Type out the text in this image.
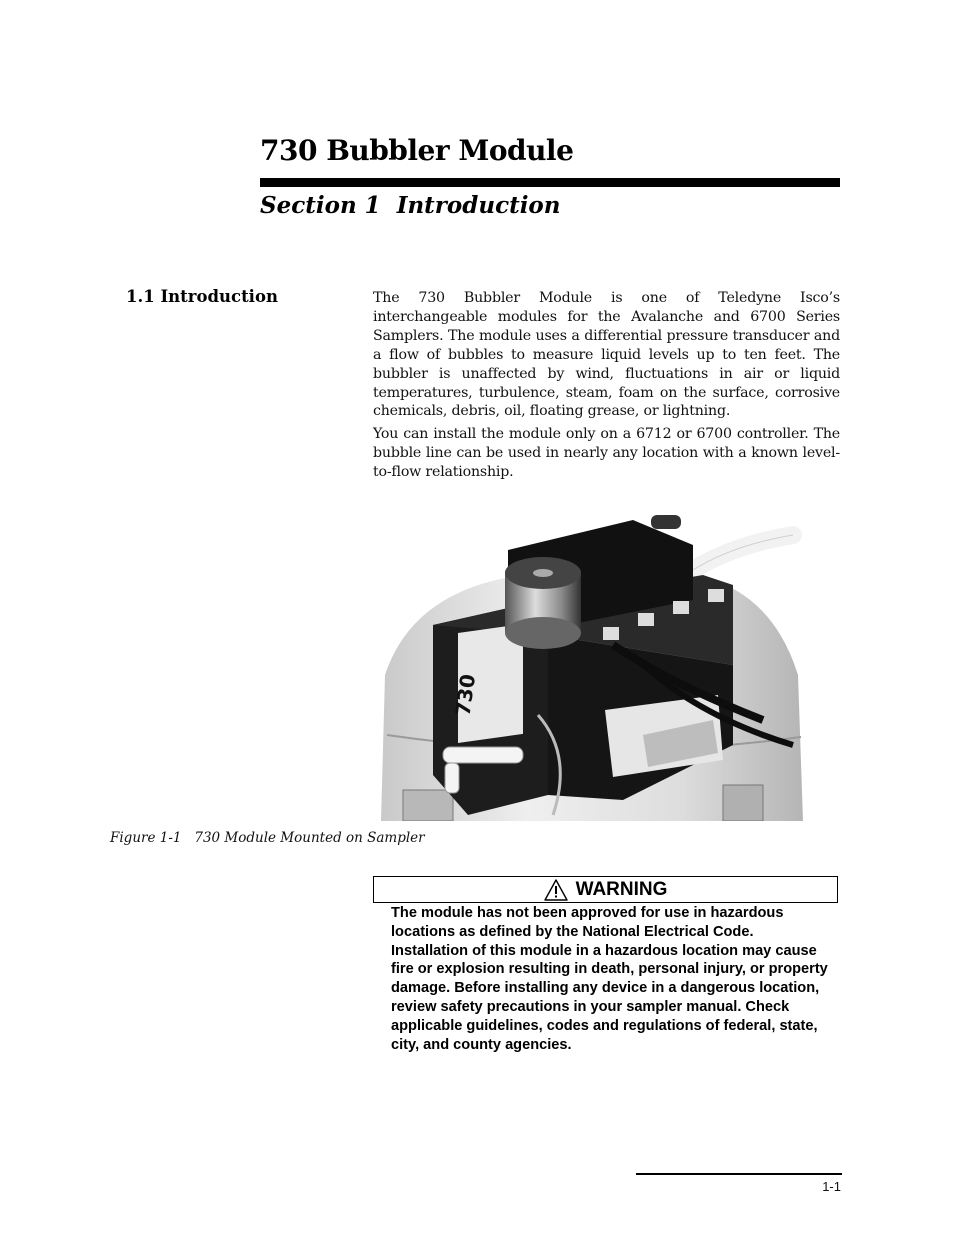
730 Bubbler Module
Section 1  Introduction
1.1 Introduction	The 730 Bubbler Module is one of Teledyne Isco’s interchangeable modules for the Avalanche and 6700 Series Samplers. The module uses a differential pressure transducer and a flow of bubbles to measure liquid levels up to ten feet. The bubbler is unaffected by wind, fluctuations in air or liquid temperatures, turbulence, steam, foam on the surface, corrosive chemicals, debris, oil, floating grease, or lightning.

You can install the module only on a 6712 or 6700 controller. The bubble line can be used in nearly any location with a known level-to-flow relationship.

730
Figure 1-1   730 Module Mounted on Sampler
WARNING

The module has not been approved for use in hazardous locations as defined by the National Electrical Code. Installation of this module in a hazardous location may cause fire or explosion resulting in death, personal injury, or property damage. Before installing any device in a dangerous location, review safety precautions in your sampler manual. Check applicable guidelines, codes and regulations of federal, state, city, and county agencies.

1-1
